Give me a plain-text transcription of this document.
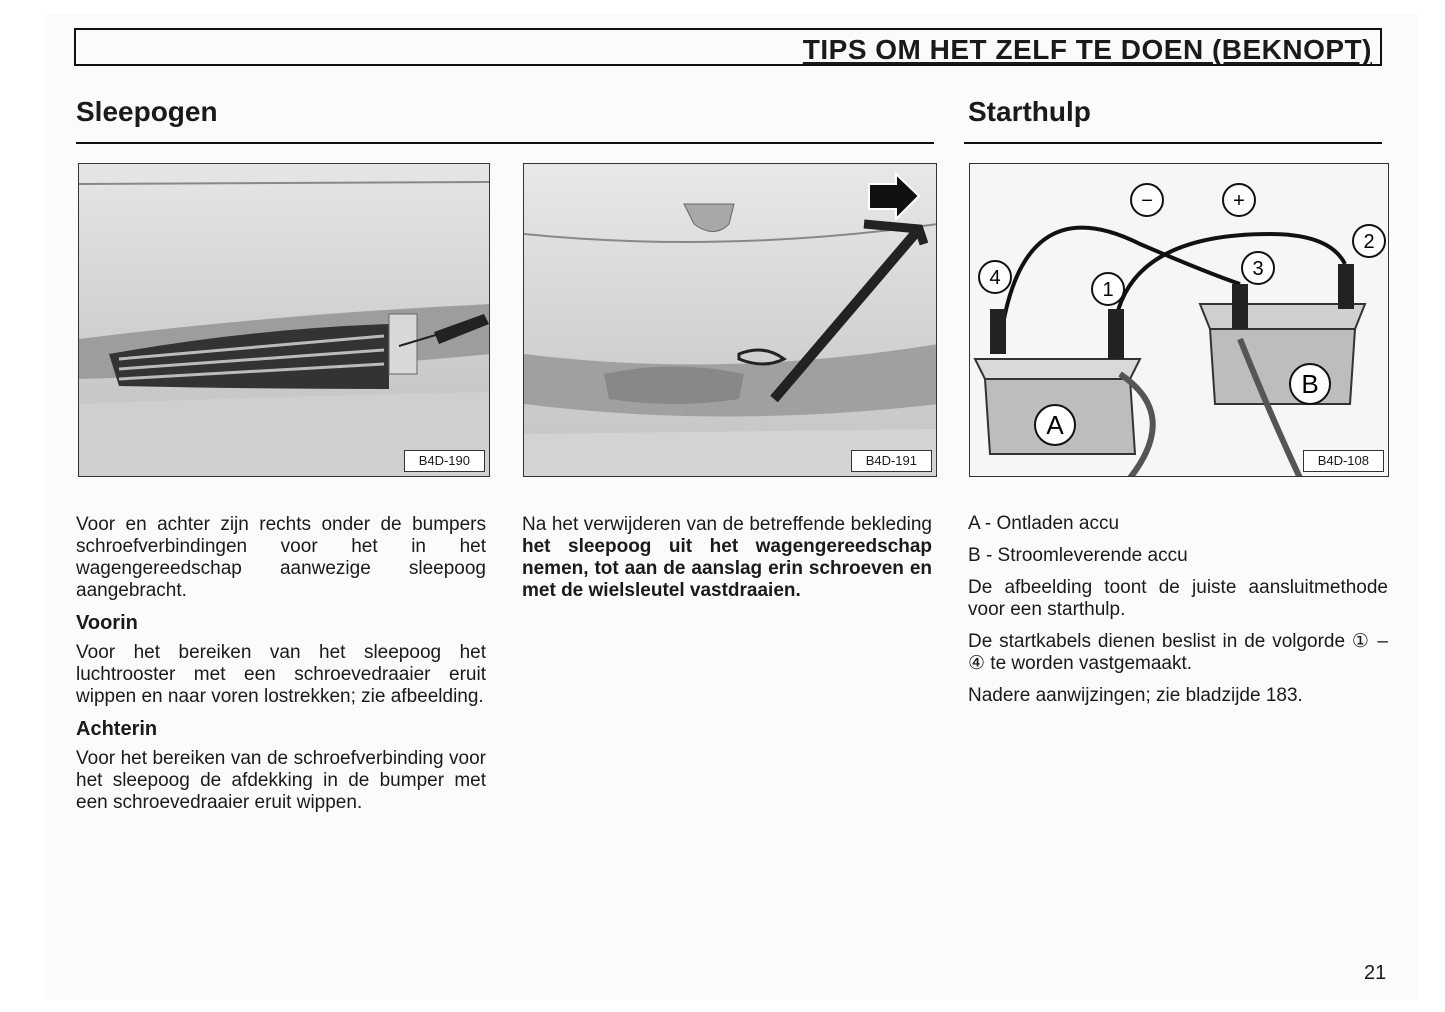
TIPS OM HET ZELF TE DOEN (BEKNOPT)
Sleepogen	Starthulp
B4D-190	B4D-191
−	+
2
3
1
4
A
B
B4D-108

Voor en achter zijn rechts onder de bumpers schroefverbindingen voor het in het wagengereedschap aanwezige sleepoog aangebracht.

Voorin

Voor het bereiken van het sleepoog het luchtrooster met een schroevedraaier eruit wippen en naar voren lostrekken; zie afbeelding.

Achterin

Voor het bereiken van de schroefverbinding voor het sleepoog de afdekking in de bumper met een schroevedraaier eruit wippen.

Na het verwijderen van de betreffende bekleding het sleepoog uit het wagengereedschap nemen, tot aan de aanslag erin schroeven en met de wielsleutel vastdraaien.

A - Ontladen accu

B - Stroomleverende accu

De afbeelding toont de juiste aansluitmethode voor een starthulp.

De startkabels dienen beslist in de volgorde ① – ④ te worden vastgemaakt.

Nadere aanwijzingen; zie bladzijde 183.

21
